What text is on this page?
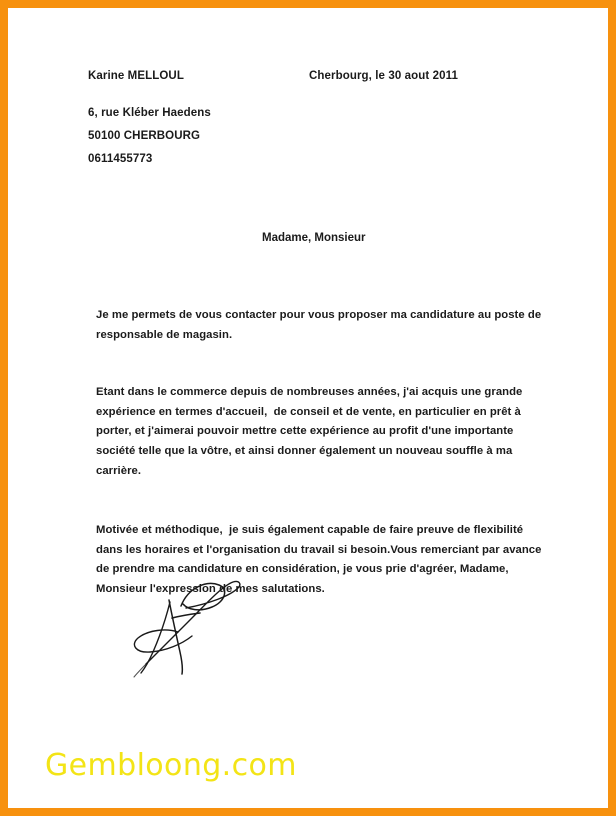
Karine MELLOUL	Cherbourg, le 30 aout 2011
6, rue Kléber Haedens
50100 CHERBOURG
0611455773
Madame, Monsieur
Je me permets de vous contacter pour vous proposer ma candidature au poste de
responsable de magasin.
Etant dans le commerce depuis de nombreuses années, j'ai acquis une grande
expérience en termes d'accueil,  de conseil et de vente, en particulier en prêt à
porter, et j'aimerai pouvoir mettre cette expérience au profit d'une importante
société telle que la vôtre, et ainsi donner également un nouveau souffle à ma
carrière.
Motivée et méthodique,  je suis également capable de faire preuve de flexibilité
dans les horaires et l'organisation du travail si besoin.Vous remerciant par avance
de prendre ma candidature en considération, je vous prie d'agréer, Madame,
Monsieur l'expression de mes salutations.
Gembloong.com
